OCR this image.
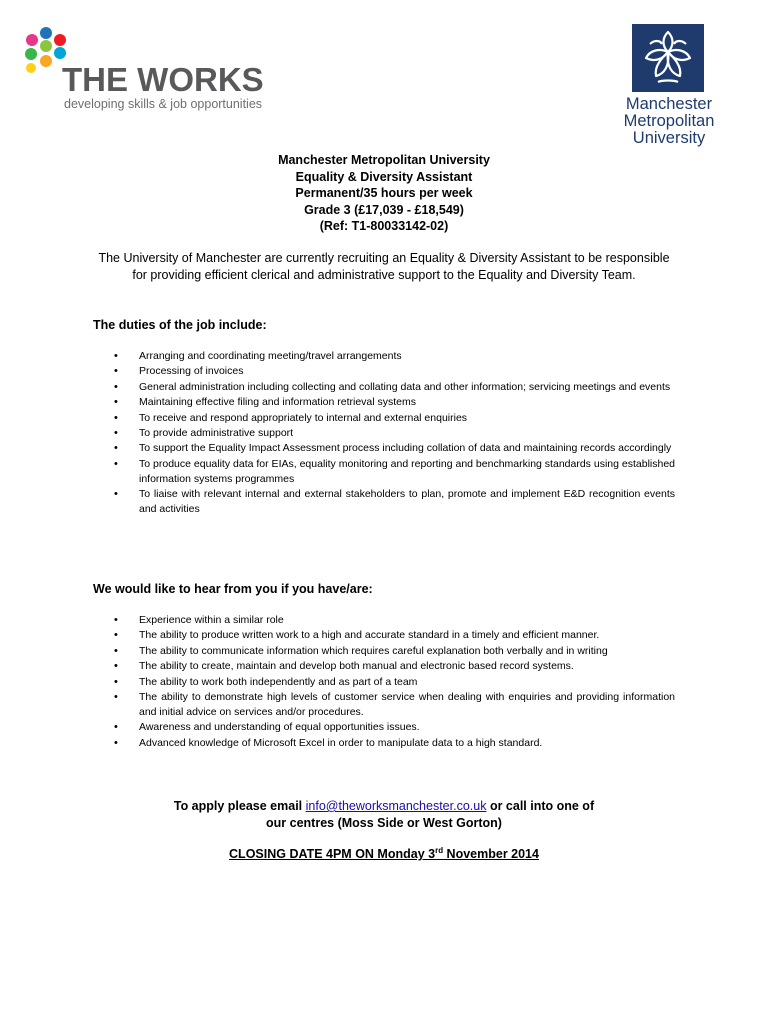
THE WORKS
developing skills & job opportunities	Manchester
Metropolitan
University
Manchester Metropolitan University
Equality & Diversity Assistant
Permanent/35 hours per week
Grade 3 (£17,039 - £18,549)
(Ref: T1-80033142-02)
The University of Manchester are currently recruiting an Equality & Diversity Assistant to be responsible for providing efficient clerical and administrative support to the Equality and Diversity Team.
The duties of the job include:
• Arranging and coordinating meeting/travel arrangements
• Processing of invoices
• General administration including collecting and collating data and other information; servicing meetings and events
• Maintaining effective filing and information retrieval systems
• To receive and respond appropriately to internal and external enquiries
• To provide administrative support
• To support the Equality Impact Assessment process including collation of data and maintaining records accordingly
• To produce equality data for EIAs, equality monitoring and reporting and benchmarking standards using established information systems programmes
• To liaise with relevant internal and external stakeholders to plan, promote and implement E&D recognition events and activities
We would like to hear from you if you have/are:
• Experience within a similar role
• The ability to produce written work to a high and accurate standard in a timely and efficient manner.
• The ability to communicate information which requires careful explanation both verbally and in writing
• The ability to create, maintain and develop both manual and electronic based record systems.
• The ability to work both independently and as part of a team
• The ability to demonstrate high levels of customer service when dealing with enquiries and providing information and initial advice on services and/or procedures.
• Awareness and understanding of equal opportunities issues.
• Advanced knowledge of Microsoft Excel in order to manipulate data to a high standard.
To apply please email info@theworksmanchester.co.uk or call into one of
our centres (Moss Side or West Gorton)
CLOSING DATE 4PM ON Monday 3rd November 2014
